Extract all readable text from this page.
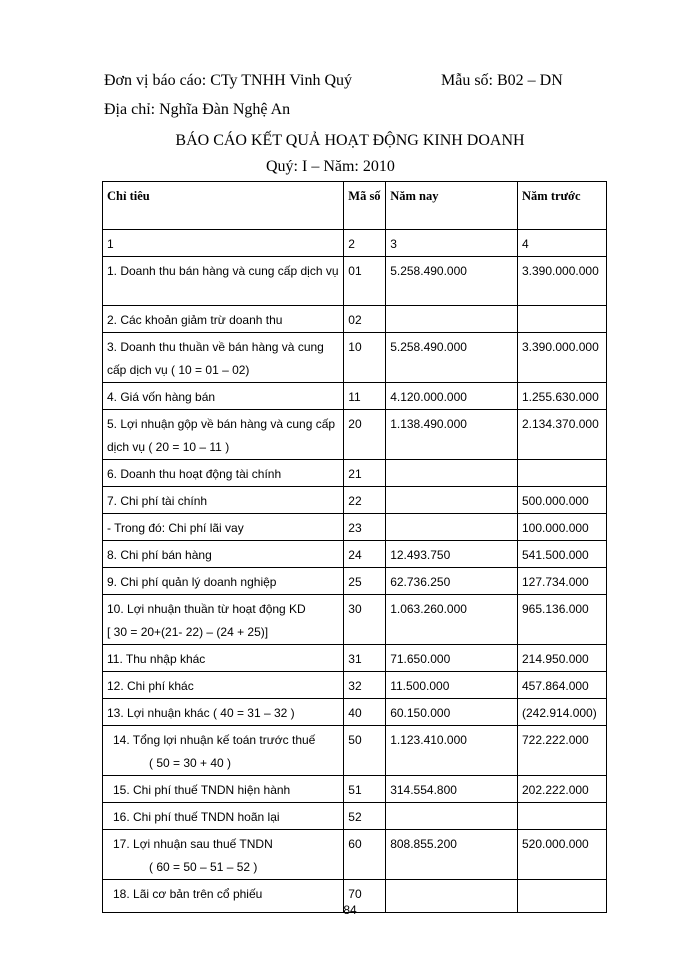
Đơn vị báo cáo: CTy TNHH Vinh Quý	Mẫu số: B02 – DN
Địa chỉ: Nghĩa Đàn Nghệ An
BÁO CÁO KẾT QUẢ HOẠT ĐỘNG KINH DOANH
Quý: I – Năm: 2010
Chỉ tiêu	Mã số	Năm nay	Năm trước
1	2	3	4
1. Doanh thu bán hàng và cung cấp dịch vụ	01	5.258.490.000	3.390.000.000
2. Các khoản giảm trừ doanh thu	02		
3. Doanh thu thuần về bán hàng và cung cấp dịch vụ ( 10 = 01 – 02)	10	5.258.490.000	3.390.000.000
4. Giá vốn hàng bán	11	4.120.000.000	1.255.630.000
5. Lợi nhuận gộp về bán hàng và cung cấp dịch vụ ( 20 = 10 – 11 )	20	1.138.490.000	2.134.370.000
6. Doanh thu hoạt động tài chính	21		
7. Chi phí tài chính	22		500.000.000
- Trong đó: Chi phí lãi vay	23		100.000.000
8. Chi phí bán hàng	24	12.493.750	541.500.000
9. Chi phí quản lý doanh nghiệp	25	62.736.250	127.734.000

10. Lợi nhuận thuần từ hoạt động KD
[ 30 = 20+(21- 22) – (24 + 25)]	30	1.063.260.000	965.136.000
11. Thu nhập khác	31	71.650.000	214.950.000
12. Chi phí khác	32	11.500.000	457.864.000
13. Lợi nhuận khác ( 40 = 31 – 32 )	40	60.150.000	(242.914.000)

14. Tổng lợi nhuận kế toán trước thuế
( 50 = 30 + 40 )	50	1.123.410.000	722.222.000
15. Chi phí thuế TNDN hiện hành	51	314.554.800	202.222.000
16. Chi phí thuế TNDN hoãn lại	52		

17. Lợi nhuận sau thuế TNDN
( 60 = 50 – 51 – 52 )	60	808.855.200	520.000.000
18. Lãi cơ bản trên cổ phiếu	70		
84
